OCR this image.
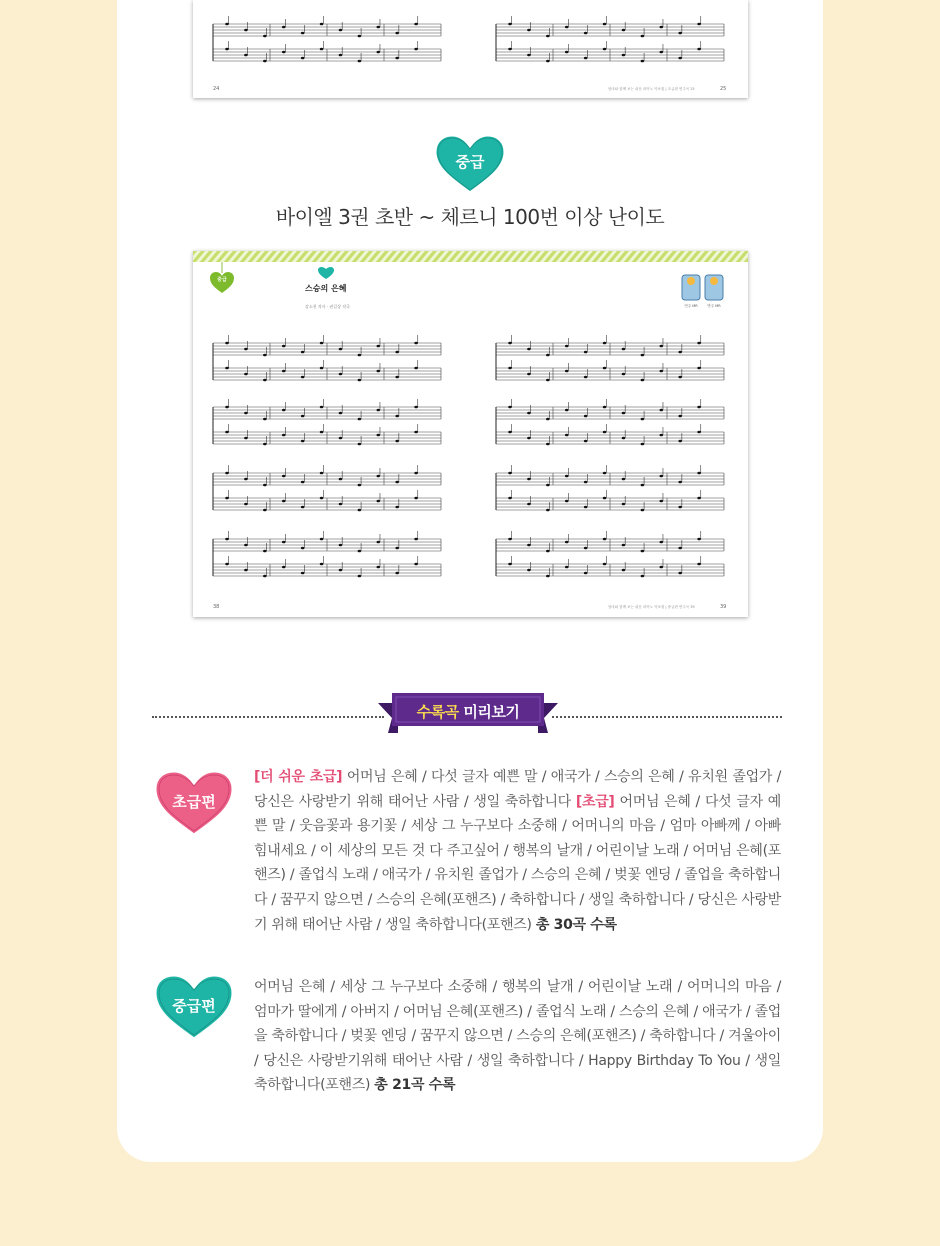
24	25
엄마와 함께 보는 쉬운 피아노 악보집 | 초급편 연주곡 25
중급
바이엘 3권 초반 ~ 체르니 100번 이상 난이도
중급
스승의 은혜
강소천 작사 · 권길상 작곡	연주 MR	반주 MR
38	39
엄마와 함께 보는 쉬운 피아노 악보집 | 중급편 연주곡 39
수록곡 미리보기
초급편
[더 쉬운 초급] 어머님 은혜 / 다섯 글자 예쁜 말 / 애국가 / 스승의 은혜 / 유치원 졸업가 / 당신은 사랑받기 위해 태어난 사람 / 생일 축하합니다 [초급] 어머님 은혜 / 다섯 글자 예쁜 말 / 웃음꽃과 용기꽃 / 세상 그 누구보다 소중해 / 어머니의 마음 / 엄마 아빠께 / 아빠 힘내세요 / 이 세상의 모든 것 다 주고싶어 / 행복의 날개 / 어린이날 노래 / 어머님 은혜(포핸즈) / 졸업식 노래 / 애국가 / 유치원 졸업가 / 스승의 은혜 / 벚꽃 엔딩 / 졸업을 축하합니다 / 꿈꾸지 않으면 / 스승의 은혜(포핸즈) / 축하합니다 / 생일 축하합니다 / 당신은 사랑받기 위해 태어난 사람 / 생일 축하합니다(포핸즈) 총 30곡 수록
중급편
어머님 은혜 / 세상 그 누구보다 소중해 / 행복의 날개 / 어린이날 노래 / 어머니의 마음 / 엄마가 딸에게 / 아버지 / 어머님 은혜(포핸즈) / 졸업식 노래 / 스승의 은혜 / 애국가 / 졸업을 축하합니다 / 벚꽃 엔딩 / 꿈꾸지 않으면 / 스승의 은혜(포핸즈) / 축하합니다 / 겨울아이 / 당신은 사랑받기위해 태어난 사람 / 생일 축하합니다 / Happy Birthday To You / 생일 축하합니다(포핸즈) 총 21곡 수록
